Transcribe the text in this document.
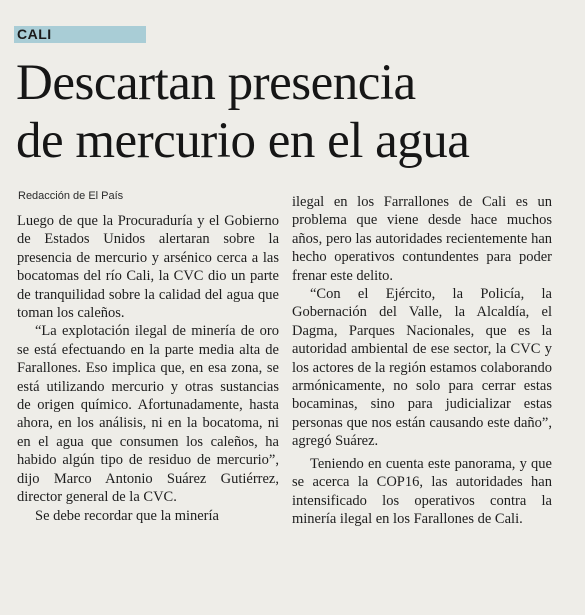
CALI
Descartan presencia
de mercurio en el agua
Redacción de El País

Luego de que la Procuraduría y el Gobierno de Estados Unidos alertaran sobre la presencia de mercurio y arsénico cerca a las bocatomas del río Cali, la CVC dio un parte de tranquilidad sobre la calidad del agua que toman los caleños.

“La explotación ilegal de minería de oro se está efectuando en la parte media alta de Farallones. Eso implica que, en esa zona, se está utilizando mercurio y otras sustancias de origen químico. Afortunadamente, hasta ahora, en los análisis, ni en la bocatoma, ni en el agua que consumen los caleños, ha habido algún tipo de residuo de mercurio”, dijo Marco Antonio Suárez Gutiérrez, director general de la CVC.

Se debe recordar que la minería

ilegal en los Farrallones de Cali es un problema que viene desde hace muchos años, pero las autoridades recientemente han hecho operativos contundentes para poder frenar este delito.

“Con el Ejército, la Policía, la Gobernación del Valle, la Alcaldía, el Dagma, Parques Nacionales, que es la autoridad ambiental de ese sector, la CVC y los actores de la región estamos colaborando armónicamente, no solo para cerrar estas bocaminas, sino para judicializar estas personas que nos están causando este daño”, agregó Suárez.

Teniendo en cuenta este panorama, y que se acerca la COP16, las autoridades han intensificado los operativos contra la minería ilegal en los Farallones de Cali.
